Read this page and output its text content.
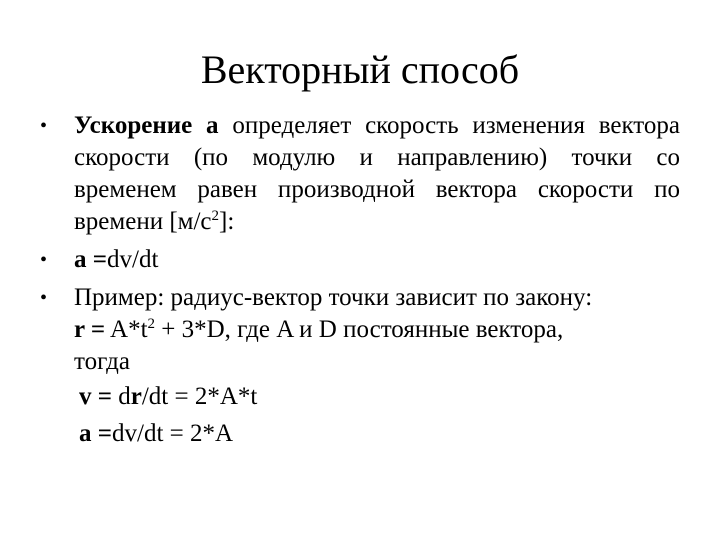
Векторный способ
• Ускорение a определяет скорость изменения вектора скорости (по модулю и направлению) точки со временем равен производной вектора скорости по времени $[м/с^2]$:
• a =dv/dt
• Пример: радиус-вектор точки зависит по закону:
$r = A*t^2 + 3*D$, где A и D постоянные вектора,
тогда
v = dr/dt = 2*A*t
a =dv/dt = 2*A
